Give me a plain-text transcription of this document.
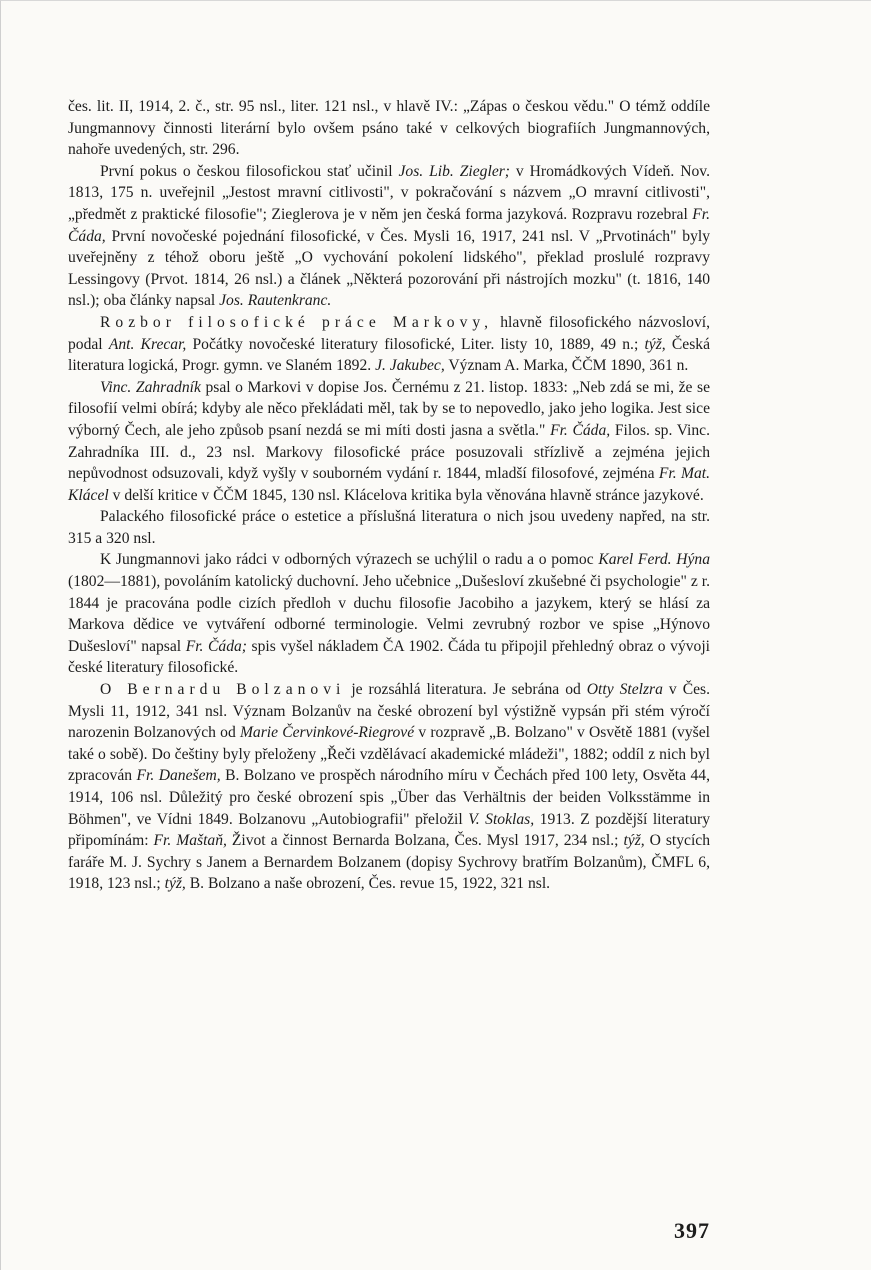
čes. lit. II, 1914, 2. č., str. 95 nsl., liter. 121 nsl., v hlavě IV.: „Zápas o českou vědu." O témž oddíle Jungmannovy činnosti literární bylo ovšem psáno také v celkových biografiích Jungmannových, nahoře uvedených, str. 296.

První pokus o českou filosofickou stať učinil Jos. Lib. Ziegler; v Hromádkových Vídeň. Nov. 1813, 175 n. uveřejnil „Jestost mravní citlivosti", v pokračování s názvem „O mravní citlivosti", „předmět z praktické filosofie"; Zieglerova je v něm jen česká forma jazyková. Rozpravu rozebral Fr. Čáda, První novočeské pojednání filosofické, v Čes. Mysli 16, 1917, 241 nsl. V „Prvotinách" byly uveřejněny z téhož oboru ještě „O vychování pokolení lidského", překlad proslulé rozpravy Lessingovy (Prvot. 1814, 26 nsl.) a článek „Některá pozorování při nástrojích mozku" (t. 1816, 140 nsl.); oba články napsal Jos. Rautenkranc.

Rozbor filosofické práce Markovy, hlavně filosofického názvosloví, podal Ant. Krecar, Počátky novočeské literatury filosofické, Liter. listy 10, 1889, 49 n.; týž, Česká literatura logická, Progr. gymn. ve Slaném 1892. J. Jakubec, Význam A. Marka, ČČM 1890, 361 n.

Vinc. Zahradník psal o Markovi v dopise Jos. Černému z 21. listop. 1833: „Neb zdá se mi, že se filosofií velmi obírá; kdyby ale něco překládati měl, tak by se to nepovedlo, jako jeho logika. Jest sice výborný Čech, ale jeho způsob psaní nezdá se mi míti dosti jasna a světla." Fr. Čáda, Filos. sp. Vinc. Zahradníka III. d., 23 nsl. Markovy filosofické práce posuzovali střízlivě a zejména jejich nepůvodnost odsuzovali, když vyšly v souborném vydání r. 1844, mladší filosofové, zejména Fr. Mat. Klácel v delší kritice v ČČM 1845, 130 nsl. Klácelova kritika byla věnována hlavně stránce jazykové.

Palackého filosofické práce o estetice a příslušná literatura o nich jsou uvedeny napřed, na str. 315 a 320 nsl.

K Jungmannovi jako rádci v odborných výrazech se uchýlil o radu a o pomoc Karel Ferd. Hýna (1802—1881), povoláním katolický duchovní. Jeho učebnice „Dušesloví zkušebné či psychologie" z r. 1844 je pracována podle cizích předloh v duchu filosofie Jacobiho a jazykem, který se hlásí za Markova dědice ve vytváření odborné terminologie. Velmi zevrubný rozbor ve spise „Hýnovo Dušesloví" napsal Fr. Čáda; spis vyšel nákladem ČA 1902. Čáda tu připojil přehledný obraz o vývoji české literatury filosofické.

O Bernardu Bolzanovi je rozsáhlá literatura. Je sebrána od Otty Stelzra v Čes. Mysli 11, 1912, 341 nsl. Význam Bolzanův na české obrození byl výstižně vypsán při stém výročí narozenin Bolzanových od Marie Červinkové-Riegrové v rozpravě „B. Bolzano" v Osvětě 1881 (vyšel také o sobě). Do češtiny byly přeloženy „Řeči vzdělávací akademické mládeži", 1882; oddíl z nich byl zpracován Fr. Danešem, B. Bolzano ve prospěch národního míru v Čechách před 100 lety, Osvěta 44, 1914, 106 nsl. Důležitý pro české obrození spis „Über das Verhältnis der beiden Volksstämme in Böhmen", ve Vídni 1849. Bolzanovu „Autobiografii" přeložil V. Stoklas, 1913. Z pozdější literatury připomínám: Fr. Maštaň, Život a činnost Bernarda Bolzana, Čes. Mysl 1917, 234 nsl.; týž, O stycích faráře M. J. Sychry s Janem a Bernardem Bolzanem (dopisy Sychrovy bratřím Bolzanům), ČMFL 6, 1918, 123 nsl.; týž, B. Bolzano a naše obrození, Čes. revue 15, 1922, 321 nsl.

397
